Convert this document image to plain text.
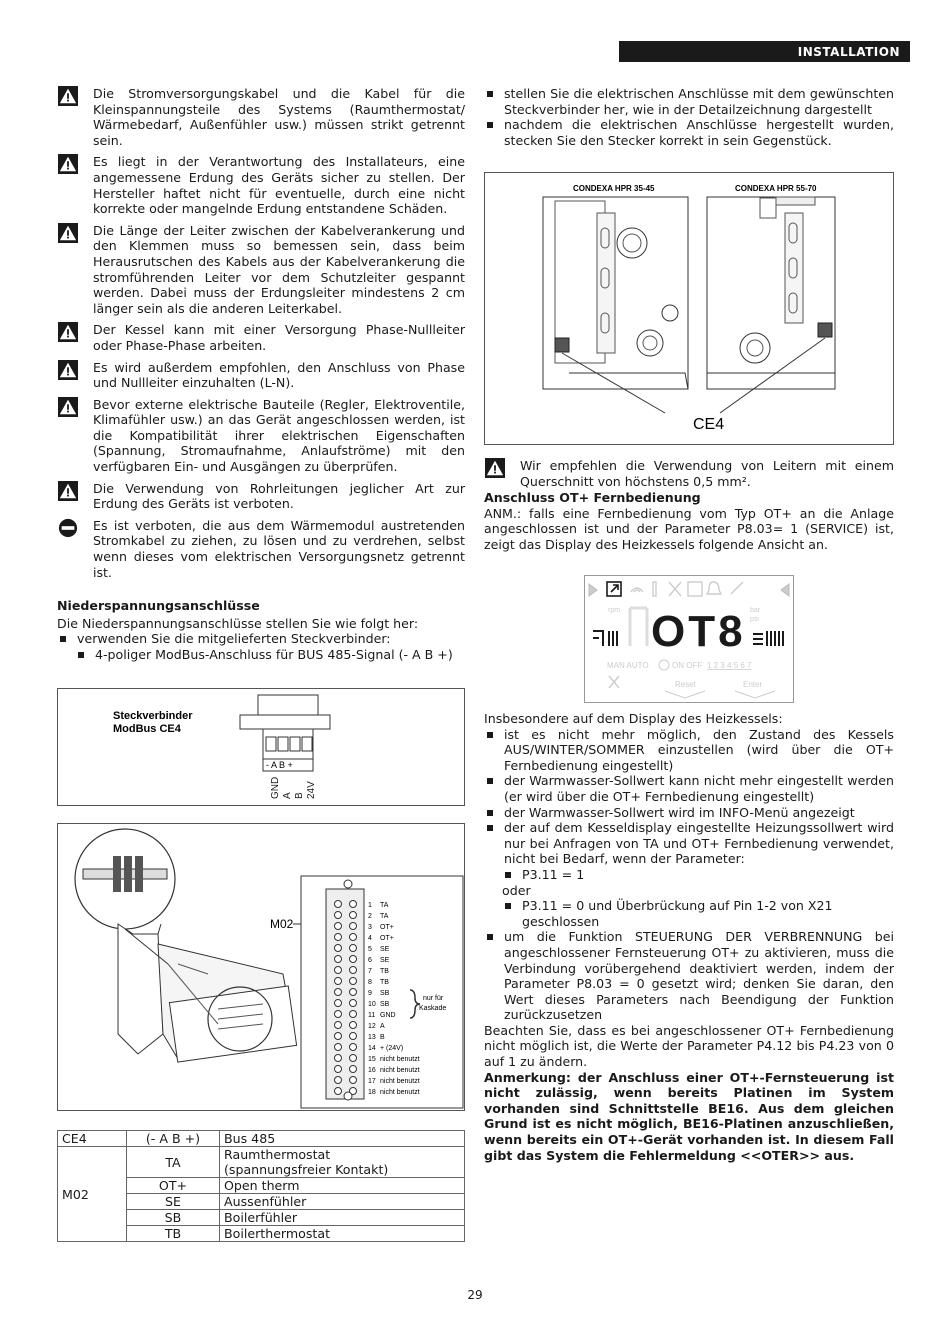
INSTALLATION
Die Stromversorgungskabel und die Kabel für die Kleinspannungsteile des Systems (Raumthermostat/ Wärmebedarf, Außenfühler usw.) müssen strikt getrennt sein.
Es liegt in der Verantwortung des Installateurs, eine angemessene Erdung des Geräts sicher zu stellen. Der Hersteller haftet nicht für eventuelle, durch eine nicht korrekte oder mangelnde Erdung entstandene Schäden.
Die Länge der Leiter zwischen der Kabelverankerung und den Klemmen muss so bemessen sein, dass beim Herausrutschen des Kabels aus der Kabelverankerung die stromführenden Leiter vor dem Schutzleiter gespannt werden. Dabei muss der Erdungsleiter mindestens 2 cm länger sein als die anderen Leiterkabel.
Der Kessel kann mit einer Versorgung Phase-Nullleiter oder Phase-Phase arbeiten.
Es wird außerdem empfohlen, den Anschluss von Phase und Nullleiter einzuhalten (L-N).
Bevor externe elektrische Bauteile (Regler, Elektroventile, Klimafühler usw.) an das Gerät angeschlossen werden, ist die Kompatibilität ihrer elektrischen Eigenschaften (Spannung, Stromaufnahme, Anlaufströme) mit den verfügbaren Ein- und Ausgängen zu überprüfen.
Die Verwendung von Rohrleitungen jeglicher Art zur Erdung des Geräts ist verboten.
Es ist verboten, die aus dem Wärmemodul austretenden Stromkabel zu ziehen, zu lösen und zu verdrehen, selbst wenn dieses vom elektrischen Versorgungsnetz getrennt ist.
Niederspannungsanschlüsse
Die Niederspannungsanschlüsse stellen Sie wie folgt her:
verwenden Sie die mitgelieferten Steckverbinder:
4-poliger ModBus-Anschluss für BUS 485-Signal (- A B +)
Steckverbinder
ModBus CE4
- A B +
GND A B 24V
M02
1 TA
2 TA
3 OT+
4 OT+
5 SE
6 SE
7 TB
8 TB
9 SB
10 SB
11 GND
12 A
13 B
14 + (24V)
15 nicht benutzt
16 nicht benutzt
17 nicht benutzt
18 nicht benutzt
nur für
Kaskade
CE4	(- A B +)	Bus 485
M02	TA	Raumthermostat
(spannungsfreier Kontakt)
	OT+	Open therm
	SE	Aussenfühler
	SB	Boilerfühler
	TB	Boilerthermostat
stellen Sie die elektrischen Anschlüsse mit dem gewünschten Steckverbinder her, wie in der Detailzeichnung dargestellt
nachdem die elektrischen Anschlüsse hergestellt wurden, stecken Sie den Stecker korrekt in sein Gegenstück.
CONDEXA HPR 35-45	CONDEXA HPR 55-70
CE4
Wir empfehlen die Verwendung von Leitern mit einem Querschnitt von höchstens 0,5 mm².
Anschluss OT+ Fernbedienung
ANM.: falls eine Fernbedienung vom Typ OT+ an die Anlage angeschlossen ist und der Parameter P8.03= 1 (SERVICE) ist, zeigt das Display des Heizkessels folgende Ansicht an.
rpm	bar
psi
OT8
MAN AUTO	ON OFF 1 2 3 4 5 6 7
Reset	Enter
Insbesondere auf dem Display des Heizkessels:
ist es nicht mehr möglich, den Zustand des Kessels AUS/WINTER/SOMMER einzustellen (wird über die OT+ Fernbedienung eingestellt)
der Warmwasser-Sollwert kann nicht mehr eingestellt werden (er wird über die OT+ Fernbedienung eingestellt)
der Warmwasser-Sollwert wird im INFO-Menü angezeigt
der auf dem Kesseldisplay eingestellte Heizungssollwert wird nur bei Anfragen von TA und OT+ Fernbedienung verwendet, nicht bei Bedarf, wenn der Parameter:
P3.11 = 1
oder
P3.11 = 0 und Überbrückung auf Pin 1-2 von X21 geschlossen
um die Funktion STEUERUNG DER VERBRENNUNG bei angeschlossener Fernsteuerung OT+ zu aktivieren, muss die Verbindung vorübergehend deaktiviert werden, indem der Parameter P8.03 = 0 gesetzt wird; denken Sie daran, den Wert dieses Parameters nach Beendigung der Funktion zurückzusetzen
Beachten Sie, dass es bei angeschlossener OT+ Fernbedienung nicht möglich ist, die Werte der Parameter P4.12 bis P4.23 von 0 auf 1 zu ändern.
Anmerkung: der Anschluss einer OT+-Fernsteuerung ist nicht zulässig, wenn bereits Platinen im System vorhanden sind Schnittstelle BE16. Aus dem gleichen Grund ist es nicht möglich, BE16-Platinen anzuschließen, wenn bereits ein OT+-Gerät vorhanden ist. In diesem Fall gibt das System die Fehlermeldung <<OTER>> aus.
29
